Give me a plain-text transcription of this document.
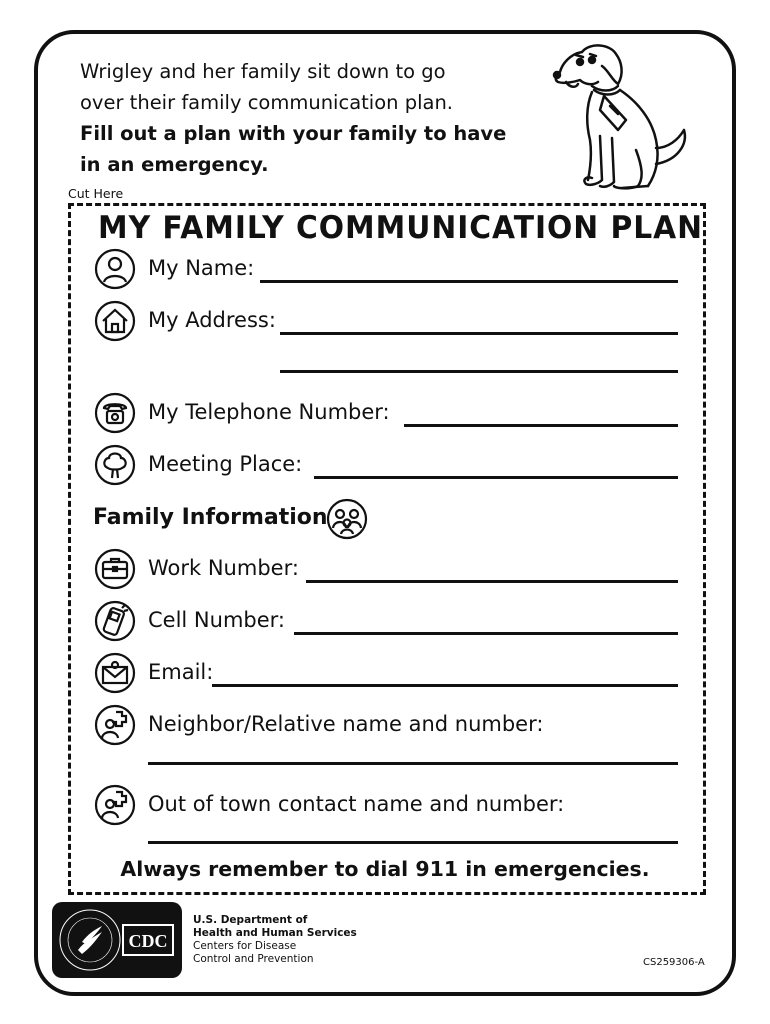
Wrigley and her family sit down to go
over their family communication plan.
Fill out a plan with your family to have
in an emergency.
Cut Here
MY FAMILY COMMUNICATION PLAN
My Name:
My Address:
My Telephone Number:
Meeting Place:
Family Information
Work Number:
Cell Number:
Email:
Neighbor/Relative name and number:
Out of town contact name and number:
Always remember to dial 911 in emergencies.
CDC
U.S. Department of
Health and Human Services
Centers for Disease
Control and Prevention	CS259306-A
